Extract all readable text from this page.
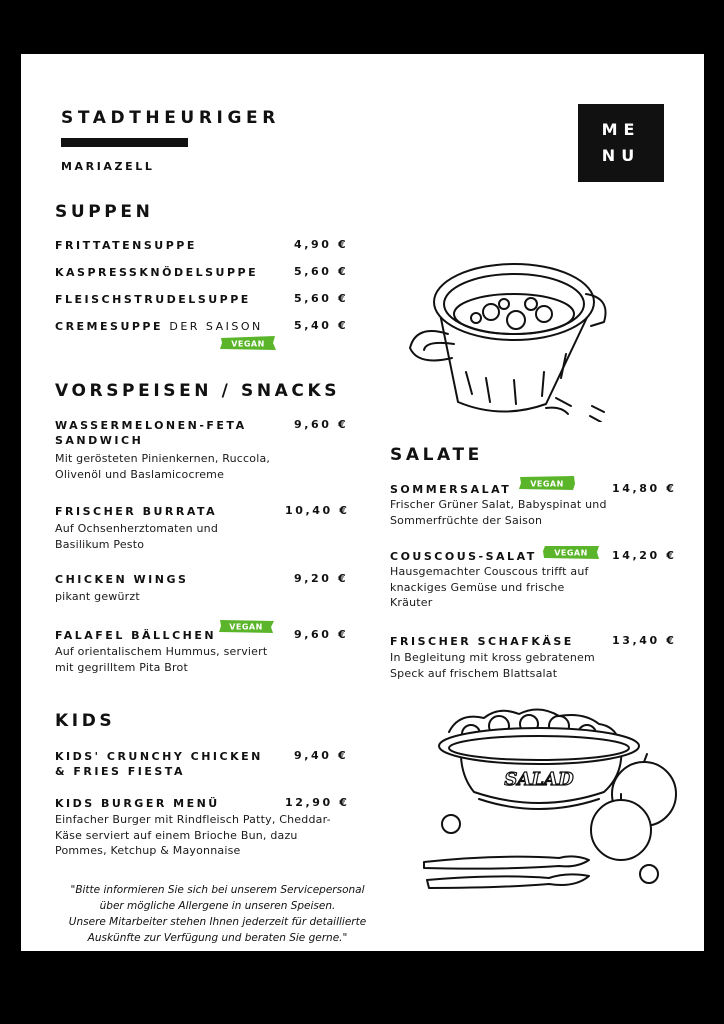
STADTHEURIGER
MARIAZELL
ME
NU
SUPPEN
FRITTATENSUPPE	4,90 €
KASPRESSKNÖDELSUPPE	5,60 €
FLEISCHSTRUDELSUPPE	5,60 €
CREMESUPPE DER SAISON	5,40 €
VEGAN
VORSPEISEN / SNACKS
WASSERMELONEN-FETA SANDWICH
9,60 €
Mit gerösteten Pinienkernen, Ruccola, Olivenöl und Baslamicocreme
FRISCHER BURRATA	10,40 €
Auf Ochsenherztomaten und Basilikum Pesto
CHICKEN WINGS	9,20 €
pikant gewürzt
VEGAN
FALAFEL BÄLLCHEN	9,60 €
Auf orientalischem Hummus, serviert mit gegrilltem Pita Brot
KIDS
KIDS' CRUNCHY CHICKEN & FRIES FIESTA
9,40 €
KIDS BURGER MENÜ	12,90 €
Einfacher Burger mit Rindfleisch Patty, Cheddar-Käse serviert auf einem Brioche Bun, dazu Pommes, Ketchup & Mayonnaise
SALATE
SOMMERSALAT VEGAN	14,80 €
Frischer Grüner Salat, Babyspinat und Sommerfrüchte der Saison
COUSCOUS-SALAT VEGAN 14,20 €
Hausgemachter Couscous trifft auf knackiges Gemüse und frische Kräuter
FRISCHER SCHAFKÄSE	13,40 €
In Begleitung mit kross gebratenem Speck auf frischem Blattsalat
SALAD
"Bitte informieren Sie sich bei unserem Servicepersonal
über mögliche Allergene in unseren Speisen.
Unsere Mitarbeiter stehen Ihnen jederzeit für detaillierte
Auskünfte zur Verfügung und beraten Sie gerne."
